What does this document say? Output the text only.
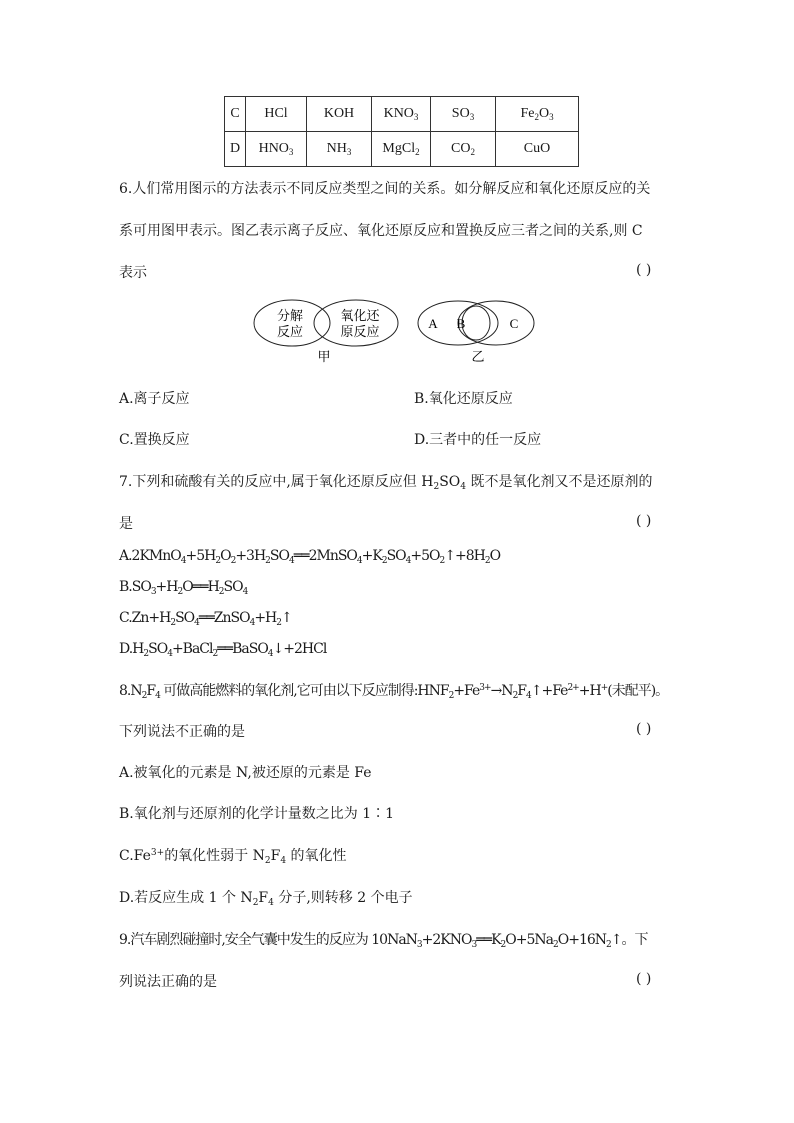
C	HCl	KOH	$KNO_3$	$SO_3$	$Fe_2O_3$
D	$HNO_3$	$NH_3$	MgCl$_2$	$CO_2$	CuO
6.人们常用图示的方法表示不同反应类型之间的关系。如分解反应和氧化还原反应的关
系可用图甲表示。图乙表示离子反应、氧化还原反应和置换反应三者之间的关系,则 C
表示	( )
分解
反应
氧化还
原反应
甲
A B	C
乙
A.离子反应	B.氧化还原反应
C.置换反应	D.三者中的任一反应
7.下列和硫酸有关的反应中,属于氧化还原反应但 $H_2SO_4$ 既不是氧化剂又不是还原剂的
是	( )
$A.2KMnO_4+5H_2O_2+3H_2SO_4══2MnSO_4+K_2SO_4+5O_2↑+8H_2O$
$B.SO_3+H_2O══H_2SO_4$
$C.Zn+H_2SO_4══ZnSO_4+H_2↑$
$D.H_2SO_4+BaCl_2══BaSO_4↓+2HCl$
$8.N_2F_4$ 可做高能燃料的氧化剂,它可由以下反应制得$:HNF_2+Fe^{3+}\to N_2F_4↑+Fe^{2+}+H^+$(未配平)。
下列说法不正确的是	( )
A.被氧化的元素是 N,被还原的元素是 Fe
B.氧化剂与还原剂的化学计量数之比为 1∶1
$C.Fe^{3+}$的氧化性弱于 $N_2F_4$ 的氧化性
D.若反应生成 1 个 $N_2F_4$ 分子,则转移 2 个电子
9.汽车剧烈碰撞时,安全气囊中发生的反应为 $10NaN_3+2KNO_3══K_2O+5Na_2O+16N_2↑$。下
列说法正确的是	( )
